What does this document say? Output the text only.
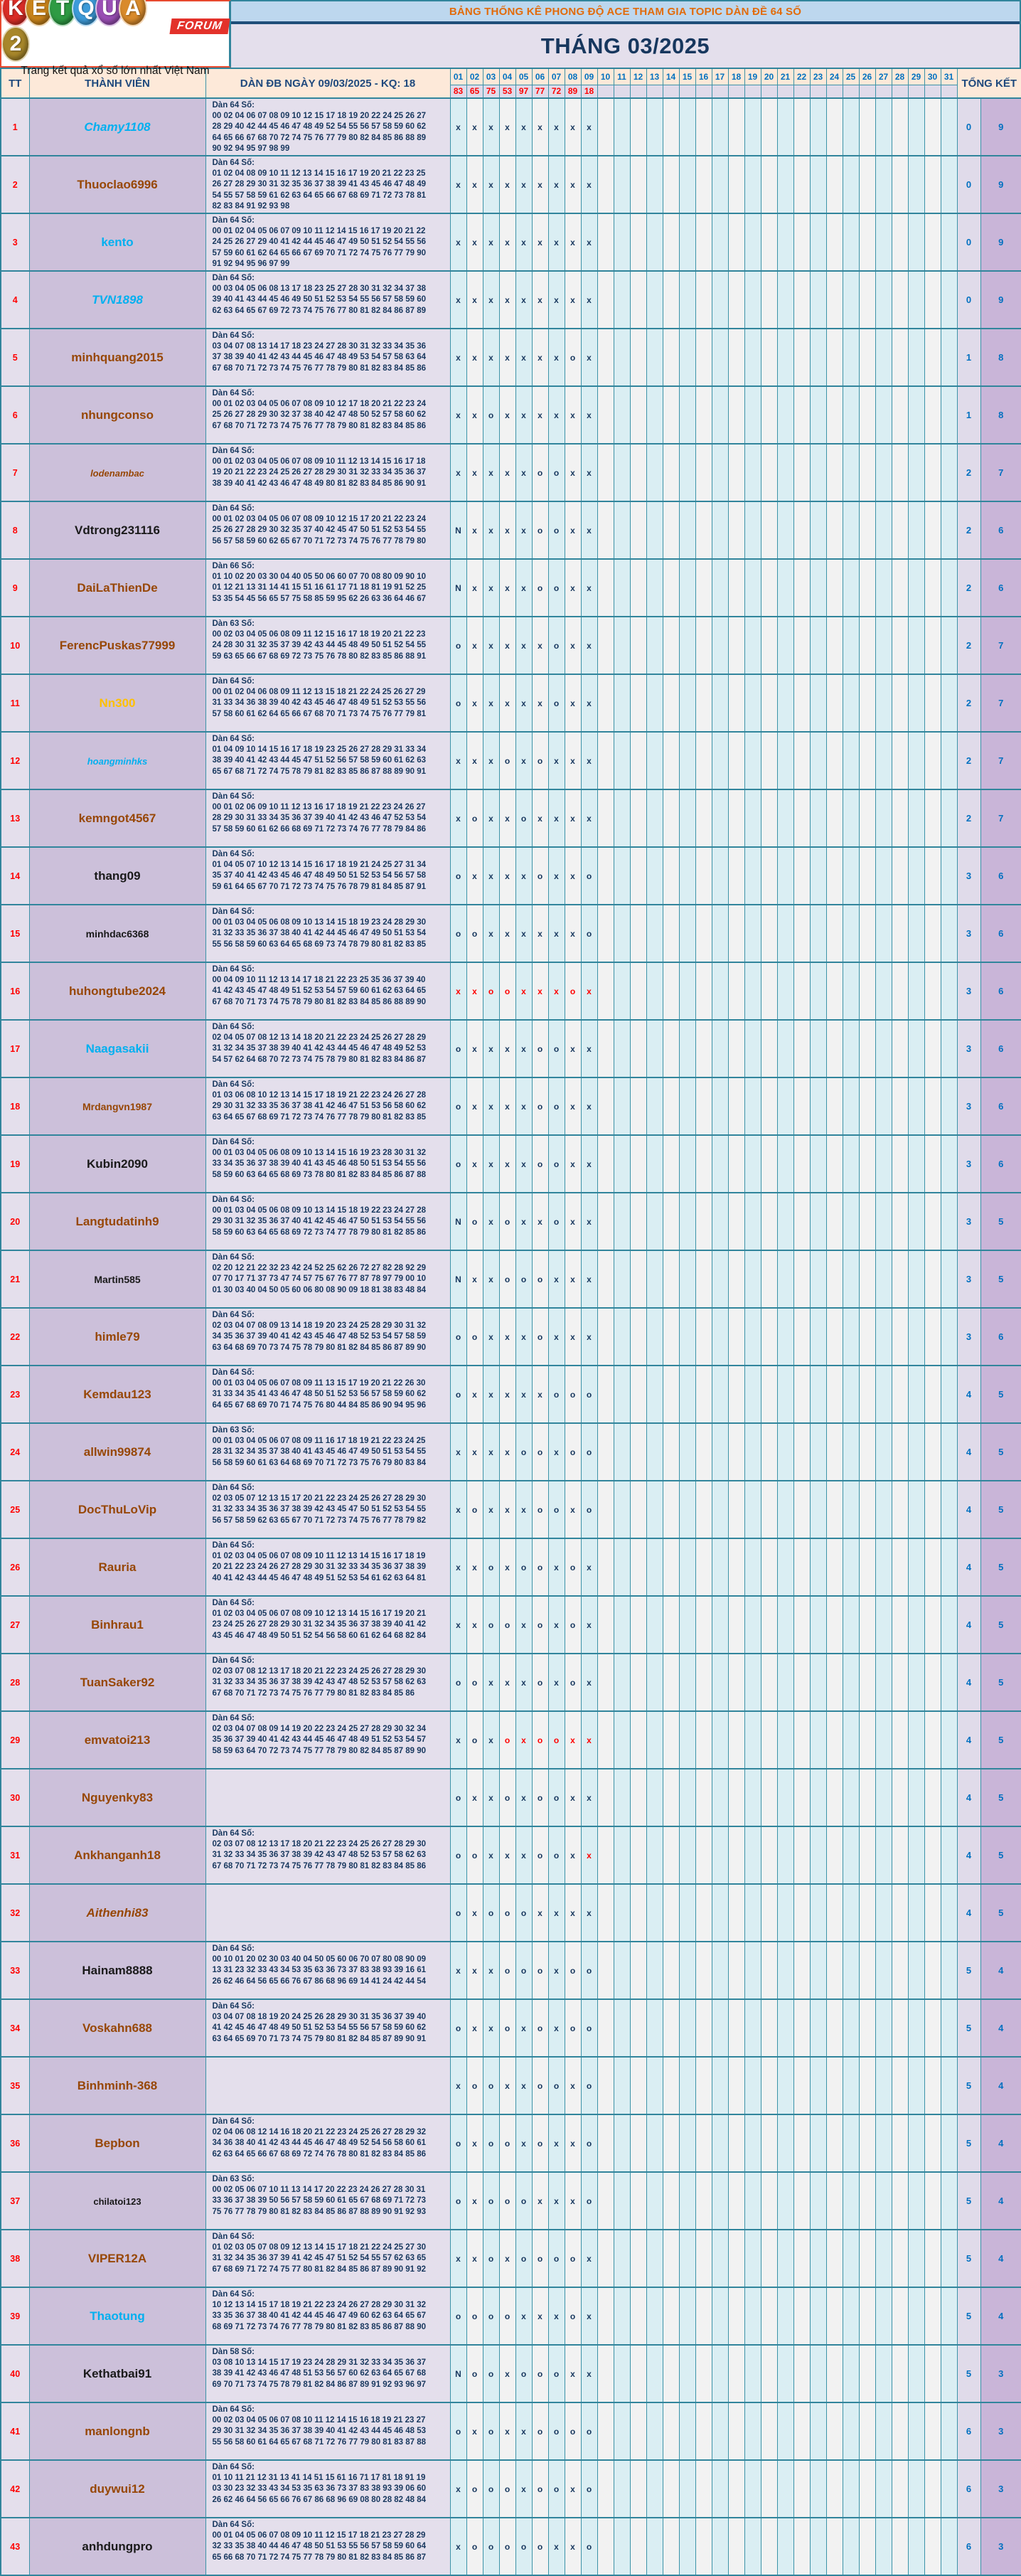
K E T Q U A2
FORUM
Trang kết quả xổ số lớn nhất Việt Nam
BẢNG THỐNG KÊ PHONG ĐỘ ACE THAM GIA TOPIC DÀN ĐỀ 64 SỐ
THÁNG 03/2025
TT	THÀNH VIÊN	DÀN ĐB NGÀY 09/03/2025 - KQ: 18	01	02	03	04	05	06	07	08	09	10	11	12	13	14	15	16	17	18	19	20	21	22	23	24	25	26	27	28	29	30	31	TỔNG KẾT	
			83	65	75	53	97	77	72	89	18																								
1	Chamy1108	Dàn 64 Số:
00 02 04 06 07 08 09 10 12 15 17 18 19 20 22 24 25 26 27
28 29 40 42 44 45 46 47 48 49 52 54 55 56 57 58 59 60 62
64 65 66 67 68 70 72 74 75 76 77 79 80 82 84 85 86 88 89
90 92 94 95 97 98 99	x	x	x	x	x	x	x	x	x																							0	9
2	Thuoclao6996	Dàn 64 Số:
01 02 04 08 09 10 11 12 13 14 15 16 17 19 20 21 22 23 25
26 27 28 29 30 31 32 35 36 37 38 39 41 43 45 46 47 48 49
54 55 57 58 59 61 62 63 64 65 66 67 68 69 71 72 73 78 81
82 83 84 91 92 93 98	x	x	x	x	x	x	x	x	x																							0	9
3	kento	Dàn 64 Số:
00 01 02 04 05 06 07 09 10 11 12 14 15 16 17 19 20 21 22
24 25 26 27 29 40 41 42 44 45 46 47 49 50 51 52 54 55 56
57 59 60 61 62 64 65 66 67 69 70 71 72 74 75 76 77 79 90
91 92 94 95 96 97 99	x	x	x	x	x	x	x	x	x																							0	9
4	TVN1898	Dàn 64 Số:
00 03 04 05 06 08 13 17 18 23 25 27 28 30 31 32 34 37 38
39 40 41 43 44 45 46 49 50 51 52 53 54 55 56 57 58 59 60
62 63 64 65 67 69 72 73 74 75 76 77 80 81 82 84 86 87 89	x	x	x	x	x	x	x	x	x																							0	9
5	minhquang2015	Dàn 64 Số:
03 04 07 08 13 14 17 18 23 24 27 28 30 31 32 33 34 35 36
37 38 39 40 41 42 43 44 45 46 47 48 49 53 54 57 58 63 64
67 68 70 71 72 73 74 75 76 77 78 79 80 81 82 83 84 85 86	x	x	x	x	x	x	x	o	x																							1	8
6	nhungconso	Dàn 64 Số:
00 01 02 03 04 05 06 07 08 09 10 12 17 18 20 21 22 23 24
25 26 27 28 29 30 32 37 38 40 42 47 48 50 52 57 58 60 62
67 68 70 71 72 73 74 75 76 77 78 79 80 81 82 83 84 85 86	x	x	o	x	x	x	x	x	x																							1	8
7	lodenambac	Dàn 64 Số:
00 01 02 03 04 05 06 07 08 09 10 11 12 13 14 15 16 17 18
19 20 21 22 23 24 25 26 27 28 29 30 31 32 33 34 35 36 37
38 39 40 41 42 43 46 47 48 49 80 81 82 83 84 85 86 90 91	x	x	x	x	x	o	o	x	x																							2	7
8	Vdtrong231116	Dàn 64 Số:
00 01 02 03 04 05 06 07 08 09 10 12 15 17 20 21 22 23 24
25 26 27 28 29 30 32 35 37 40 42 45 47 50 51 52 53 54 55
56 57 58 59 60 62 65 67 70 71 72 73 74 75 76 77 78 79 80	N	x	x	x	x	o	o	x	x																							2	6
9	DaiLaThienDe	Dàn 66 Số:
01 10 02 20 03 30 04 40 05 50 06 60 07 70 08 80 09 90 10
01 12 21 13 31 14 41 15 51 16 61 17 71 18 81 19 91 52 25
53 35 54 45 56 65 57 75 58 85 59 95 62 26 63 36 64 46 67	N	x	x	x	x	o	o	x	x																							2	6
10	FerencPuskas77999	Dàn 63 Số:
00 02 03 04 05 06 08 09 11 12 15 16 17 18 19 20 21 22 23
24 28 30 31 32 35 37 39 42 43 44 45 48 49 50 51 52 54 55
59 63 65 66 67 68 69 72 73 75 76 78 80 82 83 85 86 88 91	o	x	x	x	x	x	o	x	x																							2	7
11	Nn300	Dàn 64 Số:
00 01 02 04 06 08 09 11 12 13 15 18 21 22 24 25 26 27 29
31 33 34 36 38 39 40 42 43 45 46 47 48 49 51 52 53 55 56
57 58 60 61 62 64 65 66 67 68 70 71 73 74 75 76 77 79 81	o	x	x	x	x	x	o	x	x																							2	7
12	hoangminhks	Dàn 64 Số:
01 04 09 10 14 15 16 17 18 19 23 25 26 27 28 29 31 33 34
38 39 40 41 42 43 44 45 47 51 52 56 57 58 59 60 61 62 63
65 67 68 71 72 74 75 78 79 81 82 83 85 86 87 88 89 90 91	x	x	x	o	x	o	x	x	x																							2	7
13	kemngot4567	Dàn 64 Số:
00 01 02 06 09 10 11 12 13 16 17 18 19 21 22 23 24 26 27
28 29 30 31 33 34 35 36 37 39 40 41 42 43 46 47 52 53 54
57 58 59 60 61 62 66 68 69 71 72 73 74 76 77 78 79 84 86	x	o	x	x	o	x	x	x	x																							2	7
14	thang09	Dàn 64 Số:
01 04 05 07 10 12 13 14 15 16 17 18 19 21 24 25 27 31 34
35 37 40 41 42 43 45 46 47 48 49 50 51 52 53 54 56 57 58
59 61 64 65 67 70 71 72 73 74 75 76 78 79 81 84 85 87 91	o	x	x	x	x	o	x	x	o																							3	6
15	minhdac6368	Dàn 64 Số:
00 01 03 04 05 06 08 09 10 13 14 15 18 19 23 24 28 29 30
31 32 33 35 36 37 38 40 41 42 44 45 46 47 49 50 51 53 54
55 56 58 59 60 63 64 65 68 69 73 74 78 79 80 81 82 83 85	o	o	x	x	x	x	x	x	o																							3	6
16	huhongtube2024	Dàn 64 Số:
00 04 09 10 11 12 13 14 17 18 21 22 23 25 35 36 37 39 40
41 42 43 45 47 48 49 51 52 53 54 57 59 60 61 62 63 64 65
67 68 70 71 73 74 75 78 79 80 81 82 83 84 85 86 88 89 90	x	x	o	o	x	x	x	o	x																							3	6
17	Naagasakii	Dàn 64 Số:
02 04 05 07 08 12 13 14 18 20 21 22 23 24 25 26 27 28 29
31 32 34 35 37 38 39 40 41 42 43 44 45 46 47 48 49 52 53
54 57 62 64 68 70 72 73 74 75 78 79 80 81 82 83 84 86 87	o	x	x	x	x	o	o	x	x																							3	6
18	Mrdangvn1987	Dàn 64 Số:
01 03 06 08 10 12 13 14 15 17 18 19 21 22 23 24 26 27 28
29 30 31 32 33 35 36 37 38 41 42 46 47 51 53 56 58 60 62
63 64 65 67 68 69 71 72 73 74 76 77 78 79 80 81 82 83 85	o	x	x	x	x	o	o	x	x																							3	6
19	Kubin2090	Dàn 64 Số:
00 01 03 04 05 06 08 09 10 13 14 15 16 19 23 28 30 31 32
33 34 35 36 37 38 39 40 41 43 45 46 48 50 51 53 54 55 56
58 59 60 63 64 65 68 69 73 78 80 81 82 83 84 85 86 87 88	o	x	x	x	x	o	o	x	x																							3	6
20	Langtudatinh9	Dàn 64 Số:
00 01 03 04 05 06 08 09 10 13 14 15 18 19 22 23 24 27 28
29 30 31 32 35 36 37 40 41 42 45 46 47 50 51 53 54 55 56
58 59 60 63 64 65 68 69 72 73 74 77 78 79 80 81 82 85 86	N	o	x	o	x	x	o	x	x																							3	5
21	Martin585	Dàn 64 Số:
02 20 12 21 22 32 23 42 24 52 25 62 26 72 27 82 28 92 29
07 70 17 71 37 73 47 74 57 75 67 76 77 87 78 97 79 00 10
01 30 03 40 04 50 05 60 06 80 08 90 09 18 81 38 83 48 84	N	x	x	o	o	o	x	x	x																							3	5
22	himle79	Dàn 64 Số:
02 03 04 07 08 09 13 14 18 19 20 23 24 25 28 29 30 31 32
34 35 36 37 39 40 41 42 43 45 46 47 48 52 53 54 57 58 59
63 64 68 69 70 73 74 75 78 79 80 81 82 84 85 86 87 89 90	o	o	x	x	x	o	x	x	x																							3	6
23	Kemdau123	Dàn 64 Số:
00 01 03 04 05 06 07 08 09 11 13 15 17 19 20 21 22 26 30
31 33 34 35 41 43 46 47 48 50 51 52 53 56 57 58 59 60 62
64 65 67 68 69 70 71 74 75 76 80 44 84 85 86 90 94 95 96	o	x	x	x	x	x	o	o	o																							4	5
24	allwin99874	Dàn 63 Số:
00 01 03 04 05 06 07 08 09 11 16 17 18 19 21 22 23 24 25
28 31 32 34 35 37 38 40 41 43 45 46 47 49 50 51 53 54 55
56 58 59 60 61 63 64 68 69 70 71 72 73 75 76 79 80 83 84	x	x	x	x	o	o	x	o	o																							4	5
25	DocThuLoVip	Dàn 64 Số:
02 03 05 07 12 13 15 17 20 21 22 23 24 25 26 27 28 29 30
31 32 33 34 35 36 37 38 39 42 43 45 47 50 51 52 53 54 55
56 57 58 59 62 63 65 67 70 71 72 73 74 75 76 77 78 79 82	x	o	x	x	x	o	o	x	o																							4	5
26	Rauria	Dàn 64 Số:
01 02 03 04 05 06 07 08 09 10 11 12 13 14 15 16 17 18 19
20 21 22 23 24 26 27 28 29 30 31 32 33 34 35 36 37 38 39
40 41 42 43 44 45 46 47 48 49 51 52 53 54 61 62 63 64 81	x	x	o	x	o	o	x	o	x																							4	5
27	Binhrau1	Dàn 64 Số:
01 02 03 04 05 06 07 08 09 10 12 13 14 15 16 17 19 20 21
23 24 25 26 27 28 29 30 31 32 34 35 36 37 38 39 40 41 42
43 45 46 47 48 49 50 51 52 54 56 58 60 61 62 64 68 82 84	x	x	o	o	x	o	x	o	x																							4	5
28	TuanSaker92	Dàn 64 Số:
02 03 07 08 12 13 17 18 20 21 22 23 24 25 26 27 28 29 30
31 32 33 34 35 36 37 38 39 42 43 47 48 52 53 57 58 62 63
67 68 70 71 72 73 74 75 76 77 79 80 81 82 83 84 85 86	o	o	x	x	x	o	x	o	x																							4	5
29	emvatoi213	Dàn 64 Số:
02 03 04 07 08 09 14 19 20 22 23 24 25 27 28 29 30 32 34
35 36 37 39 40 41 42 43 44 45 46 47 48 49 51 52 53 54 57
58 59 63 64 70 72 73 74 75 77 78 79 80 82 84 85 87 89 90	x	o	x	o	x	o	o	x	x																							4	5
30	Nguyenky83		o	x	x	o	x	o	o	x	x																							4	5
31	Ankhanganh18	Dàn 64 Số:
02 03 07 08 12 13 17 18 20 21 22 23 24 25 26 27 28 29 30
31 32 33 34 35 36 37 38 39 42 43 47 48 52 53 57 58 62 63
67 68 70 71 72 73 74 75 76 77 78 79 80 81 82 83 84 85 86	o	o	x	x	x	o	o	x	x																							4	5
32	Aithenhi83		o	x	o	o	o	x	x	x	x																							4	5
33	Hainam8888	Dàn 64 Số:
00 10 01 20 02 30 03 40 04 50 05 60 06 70 07 80 08 90 09
13 31 23 32 33 43 34 53 35 63 36 73 37 83 38 93 39 16 61
26 62 46 64 56 65 66 76 67 86 68 96 69 14 41 24 42 44 54	x	x	x	o	o	o	x	o	o																							5	4
34	Voskahn688	Dàn 64 Số:
03 04 07 08 18 19 20 24 25 26 28 29 30 31 35 36 37 39 40
41 42 45 46 47 48 49 50 51 52 53 54 55 56 57 58 59 60 62
63 64 65 69 70 71 73 74 75 79 80 81 82 84 85 87 89 90 91	o	x	x	o	x	o	x	o	o																							5	4
35	Binhminh-368		x	o	o	x	x	o	o	x	o																							5	4
36	Bepbon	Dàn 64 Số:
02 04 06 08 12 14 16 18 20 21 22 23 24 25 26 27 28 29 32
34 36 38 40 41 42 43 44 45 46 47 48 49 52 54 56 58 60 61
62 63 64 65 66 67 68 69 72 74 76 78 80 81 82 83 84 85 86	o	x	o	o	x	o	x	x	o																							5	4
37	chilatoi123	Dàn 63 Số:
00 02 05 06 07 10 11 13 14 17 20 22 23 24 26 27 28 30 31
33 36 37 38 39 50 56 57 58 59 60 61 65 67 68 69 71 72 73
75 76 77 78 79 80 81 82 83 84 85 86 87 88 89 90 91 92 93	o	x	o	o	o	x	x	x	o																							5	4
38	VIPER12A	Dàn 64 Số:
01 02 03 05 07 08 09 12 13 14 15 17 18 21 22 24 25 27 30
31 32 34 35 36 37 39 41 42 45 47 51 52 54 55 57 62 63 65
67 68 69 71 72 74 75 77 80 81 82 84 85 86 87 89 90 91 92	x	x	o	x	o	o	o	o	x																							5	4
39	Thaotung	Dàn 64 Số:
10 12 13 14 15 17 18 19 21 22 23 24 26 27 28 29 30 31 32
33 35 36 37 38 40 41 42 44 45 46 47 49 60 62 63 64 65 67
68 69 71 72 73 74 76 77 78 79 80 81 82 83 85 86 87 88 90	o	o	o	o	x	x	x	o	x																							5	4
40	Kethatbai91	Dàn 58 Số:
03 08 10 13 14 15 17 19 23 24 28 29 31 32 33 34 35 36 37
38 39 41 42 43 46 47 48 51 53 56 57 60 62 63 64 65 67 68
69 70 71 73 74 75 78 79 81 82 84 86 87 89 91 92 93 96 97	N	o	o	x	o	o	o	x	x																							5	3
41	manlongnb	Dàn 64 Số:
00 02 03 04 05 06 07 08 10 11 12 14 15 16 18 19 21 23 27
29 30 31 32 34 35 36 37 38 39 40 41 42 43 44 45 46 48 53
55 56 58 60 61 64 65 67 68 71 72 76 77 79 80 81 83 87 88	o	x	o	x	x	o	o	o	o																							6	3
42	duywui12	Dàn 64 Số:
01 10 11 21 12 31 13 41 14 51 15 61 16 71 17 81 18 91 19
03 30 23 32 33 43 34 53 35 63 36 73 37 83 38 93 39 06 60
26 62 46 64 56 65 66 76 67 86 68 96 69 08 80 28 82 48 84	x	o	o	o	x	o	o	x	o																							6	3
43	anhdungpro	Dàn 64 Số:
00 01 04 05 06 07 08 09 10 11 12 15 17 18 21 23 27 28 29
32 33 35 38 40 44 46 47 48 50 51 53 55 56 57 58 59 60 64
65 66 68 70 71 72 74 75 77 78 79 80 81 82 83 84 85 86 87	x	o	o	o	o	o	x	x	o																							6	3
